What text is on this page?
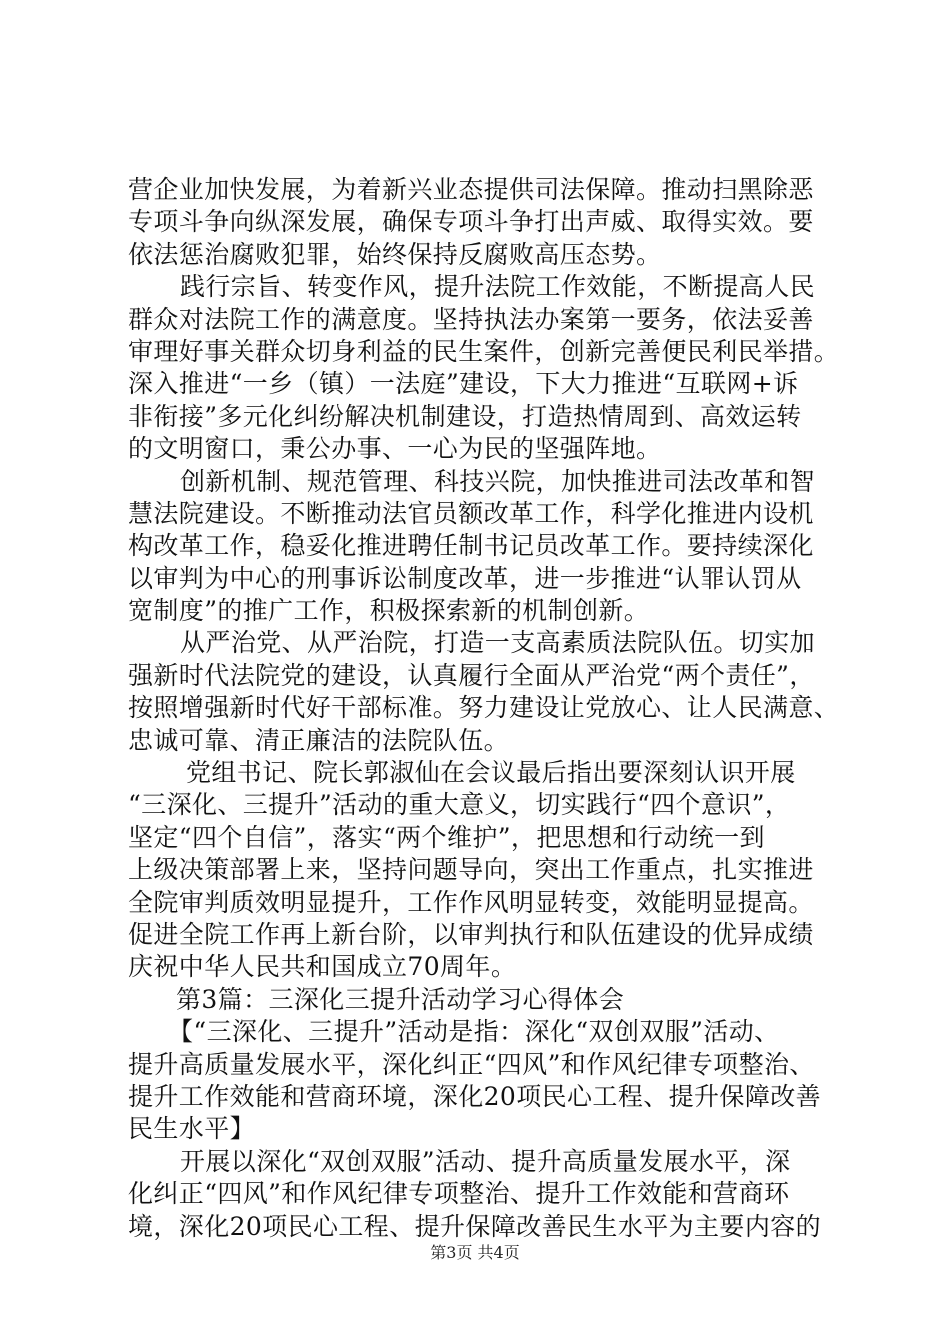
营企业加快发展，为着新兴业态提供司法保障。推动扫黑除恶
专项斗争向纵深发展，确保专项斗争打出声威、取得实效。要
依法惩治腐败犯罪，始终保持反腐败高压态势。
践行宗旨、转变作风，提升法院工作效能，不断提高人民
群众对法院工作的满意度。坚持执法办案第一要务，依法妥善
审理好事关群众切身利益的民生案件，创新完善便民利民举措。
深入推进“一乡（镇）一法庭”建设，下大力推进“互联网+诉
非衔接”多元化纠纷解决机制建设，打造热情周到、高效运转
的文明窗口，秉公办事、一心为民的坚强阵地。
创新机制、规范管理、科技兴院，加快推进司法改革和智
慧法院建设。不断推动法官员额改革工作，科学化推进内设机
构改革工作，稳妥化推进聘任制书记员改革工作。要持续深化
以审判为中心的刑事诉讼制度改革，进一步推进“认罪认罚从
宽制度”的推广工作，积极探索新的机制创新。
从严治党、从严治院，打造一支高素质法院队伍。切实加
强新时代法院党的建设，认真履行全面从严治党“两个责任”，
按照增强新时代好干部标准。努力建设让党放心、让人民满意、
忠诚可靠、清正廉洁的法院队伍。
党组书记、院长郭淑仙在会议最后指出要深刻认识开展
“三深化、三提升”活动的重大意义，切实践行“四个意识”，
坚定“四个自信”，落实“两个维护”，把思想和行动统一到
上级决策部署上来，坚持问题导向，突出工作重点，扎实推进
全院审判质效明显提升，工作作风明显转变，效能明显提高。
促进全院工作再上新台阶，以审判执行和队伍建设的优异成绩
庆祝中华人民共和国成立70周年。
第3篇：三深化三提升活动学习心得体会
【“三深化、三提升”活动是指：深化“双创双服”活动、
提升高质量发展水平，深化纠正“四风”和作风纪律专项整治、
提升工作效能和营商环境，深化20项民心工程、提升保障改善
民生水平】
开展以深化“双创双服”活动、提升高质量发展水平，深
化纠正“四风”和作风纪律专项整治、提升工作效能和营商环
境，深化20项民心工程、提升保障改善民生水平为主要内容的
第3页 共4页
